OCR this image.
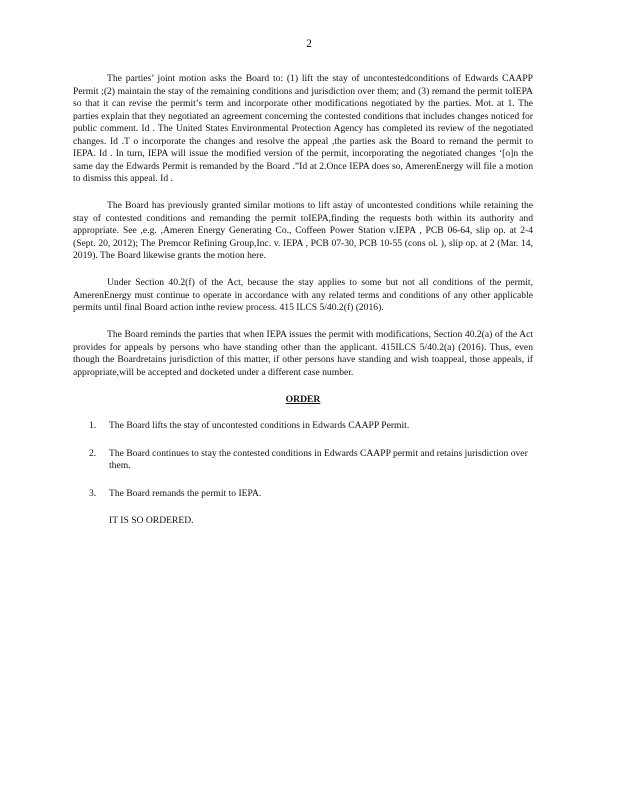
2

The parties’ joint motion asks the Board to: (1) lift the stay of uncontestedconditions of Edwards CAAPP Permit ;(2) maintain the stay of the remaining conditions and jurisdiction over them; and (3) remand the permit toIEPA so that it can revise the permit’s term and incorporate other modifications negotiated by the parties. Mot. at 1. The parties explain that they negotiated an agreement concerning the contested conditions that includes changes noticed for public comment. Id . The United States Environmental Protection Agency has completed its review of the negotiated changes. Id .T o incorporate the changes and resolve the appeal ,the parties ask the Board to remand the permit to IEPA. Id . In turn, IEPA will issue the modified version of the permit, incorporating the negotiated changes ‘[o]n the same day the Edwards Permit is remanded by the Board .”Id at 2.Once IEPA does so, AmerenEnergy will file a motion to dismiss this appeal. Id .

The Board has previously granted similar motions to lift astay of uncontested conditions while retaining the stay of contested conditions and remanding the permit toIEPA,finding the requests both within its authority and appropriate. See ,e.g. ,Ameren Energy Generating Co., Coffeen Power Station v.IEPA , PCB 06-64, slip op. at 2-4 (Sept. 20, 2012); The Premcor Refining Group,Inc. v. IEPA , PCB 07-30, PCB 10-55 (cons ol. ), slip op. at 2 (Mar. 14, 2019). The Board likewise grants the motion here.

Under Section 40.2(f) of the Act, because the stay applies to some but not all conditions of the permit, AmerenEnergy must continue to operate in accordance with any related terms and conditions of any other applicable permits until final Board action inthe review process. 415 ILCS 5/40.2(f) (2016).

The Board reminds the parties that when IEPA issues the permit with modifications, Section 40.2(a) of the Act provides for appeals by persons who have standing other than the applicant. 415ILCS 5/40.2(a) (2016). Thus, even though the Boardretains jurisdiction of this matter, if other persons have standing and wish toappeal, those appeals, if appropriate,will be accepted and docketed under a different case number.

ORDER
1.	The Board lifts the stay of uncontested conditions in Edwards CAAPP Permit.
2.	The Board continues to stay the contested conditions in Edwards CAAPP permit and retains jurisdiction over them.
3.	The Board remands the permit to IEPA.
IT IS SO ORDERED.
